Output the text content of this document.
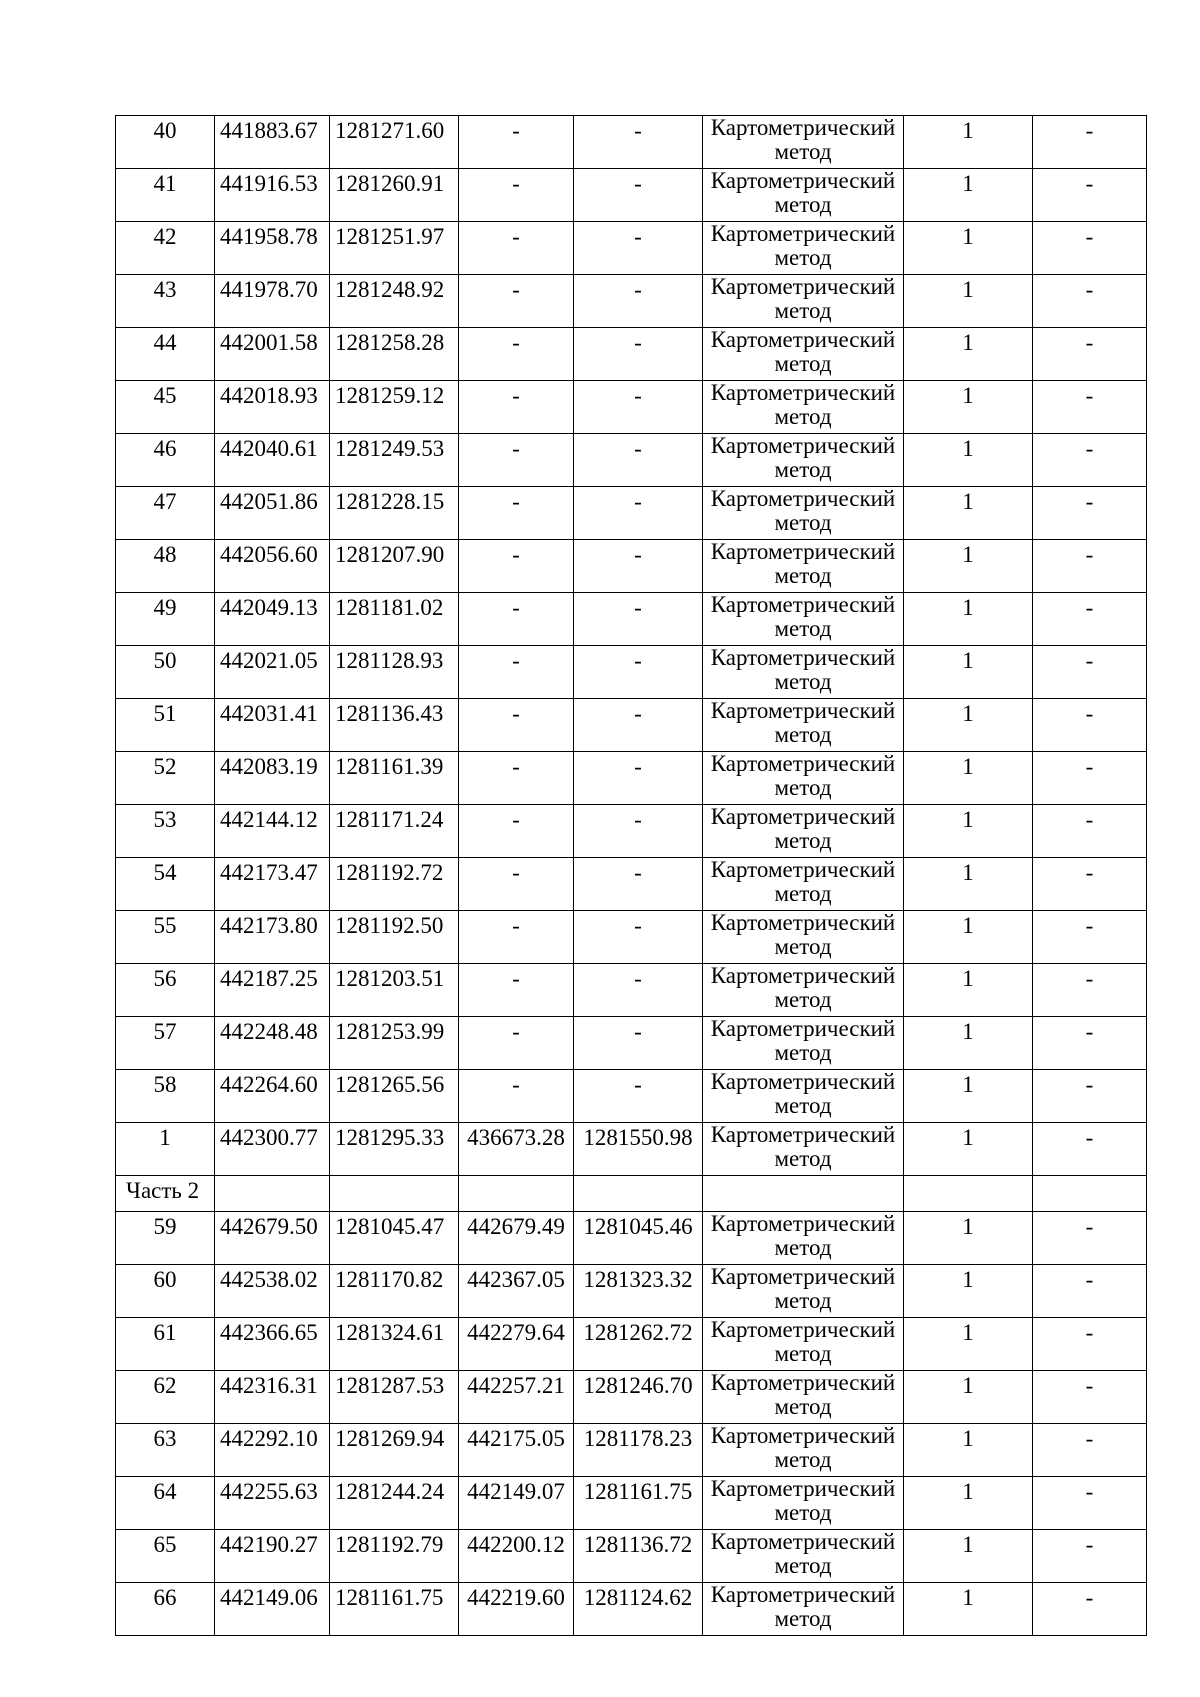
40	441883.67	1281271.60	-	-	Картометрический
метод	1	-
41	441916.53	1281260.91	-	-	Картометрический
метод	1	-
42	441958.78	1281251.97	-	-	Картометрический
метод	1	-
43	441978.70	1281248.92	-	-	Картометрический
метод	1	-
44	442001.58	1281258.28	-	-	Картометрический
метод	1	-
45	442018.93	1281259.12	-	-	Картометрический
метод	1	-
46	442040.61	1281249.53	-	-	Картометрический
метод	1	-
47	442051.86	1281228.15	-	-	Картометрический
метод	1	-
48	442056.60	1281207.90	-	-	Картометрический
метод	1	-
49	442049.13	1281181.02	-	-	Картометрический
метод	1	-
50	442021.05	1281128.93	-	-	Картометрический
метод	1	-
51	442031.41	1281136.43	-	-	Картометрический
метод	1	-
52	442083.19	1281161.39	-	-	Картометрический
метод	1	-
53	442144.12	1281171.24	-	-	Картометрический
метод	1	-
54	442173.47	1281192.72	-	-	Картометрический
метод	1	-
55	442173.80	1281192.50	-	-	Картометрический
метод	1	-
56	442187.25	1281203.51	-	-	Картометрический
метод	1	-
57	442248.48	1281253.99	-	-	Картометрический
метод	1	-
58	442264.60	1281265.56	-	-	Картометрический
метод	1	-
1	442300.77	1281295.33	436673.28	1281550.98	Картометрический
метод	1	-
Часть 2							
59	442679.50	1281045.47	442679.49	1281045.46	Картометрический
метод	1	-
60	442538.02	1281170.82	442367.05	1281323.32	Картометрический
метод	1	-
61	442366.65	1281324.61	442279.64	1281262.72	Картометрический
метод	1	-
62	442316.31	1281287.53	442257.21	1281246.70	Картометрический
метод	1	-
63	442292.10	1281269.94	442175.05	1281178.23	Картометрический
метод	1	-
64	442255.63	1281244.24	442149.07	1281161.75	Картометрический
метод	1	-
65	442190.27	1281192.79	442200.12	1281136.72	Картометрический
метод	1	-
66	442149.06	1281161.75	442219.60	1281124.62	Картометрический
метод	1	-
